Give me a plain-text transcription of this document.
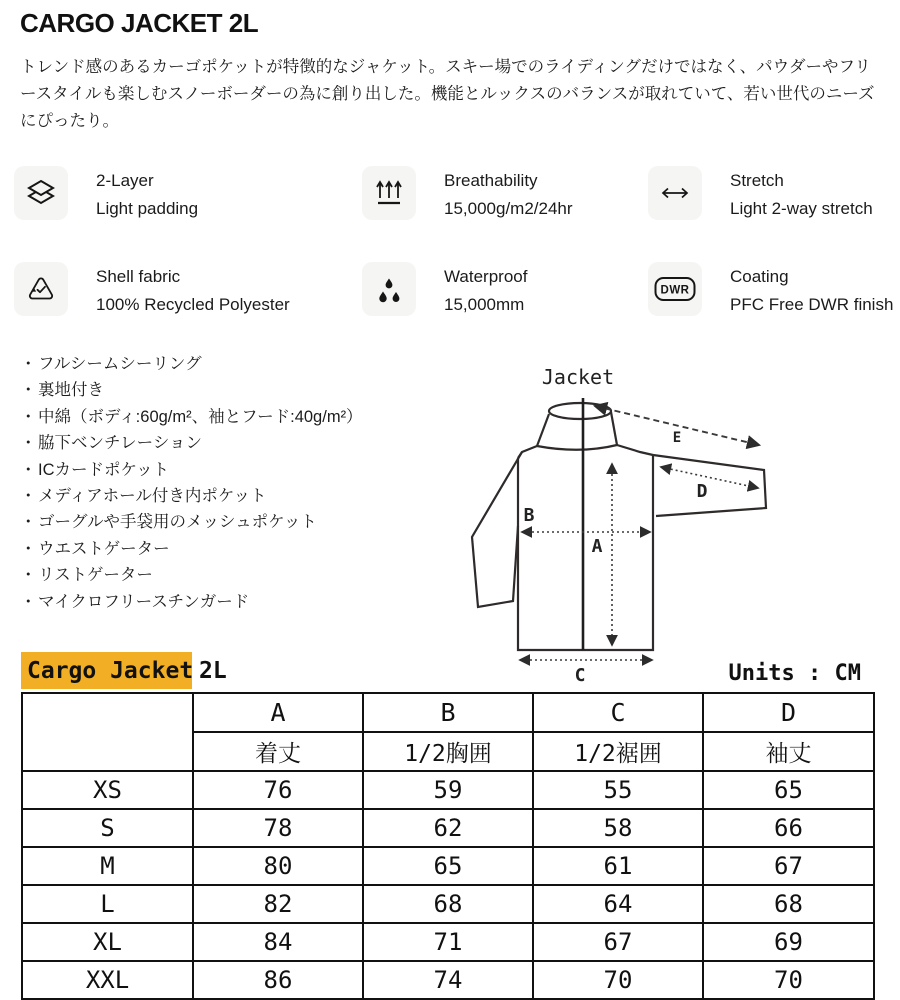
CARGO JACKET 2L
トレンド感のあるカーゴポケットが特徴的なジャケット。スキー場でのライディングだけではなく、パウダーやフリースタイルも楽しむスノーボーダーの為に創り出した。機能とルックスのバランスが取れていて、若い世代のニーズにぴったり。
2-Layer
Light padding
Breathability
15,000g/m2/24hr
Stretch
Light 2-way stretch
Shell fabric
100% Recycled Polyester
Waterproof
15,000mm
DWR
Coating
PFC Free DWR finish
・ フルシームシーリング
・ 裏地付き
・ 中綿（ボディ:60g/m²、袖とフード:40g/m²）
・ 脇下ベンチレーション
・ ICカードポケット
・ メディアホール付き内ポケット
・ ゴーグルや手袋用のメッシュポケット
・ ウエストゲーター
・ リストゲーター
・ マイクロフリースチンガード
Jacket
A
B
C
D
E
Cargo Jacket 2L	Units : CM
	A	B	C	D
	着丈	1/2胸囲	1/2裾囲	袖丈
XS	76	59	55	65
S	78	62	58	66
M	80	65	61	67
L	82	68	64	68
XL	84	71	67	69
XXL	86	74	70	70
